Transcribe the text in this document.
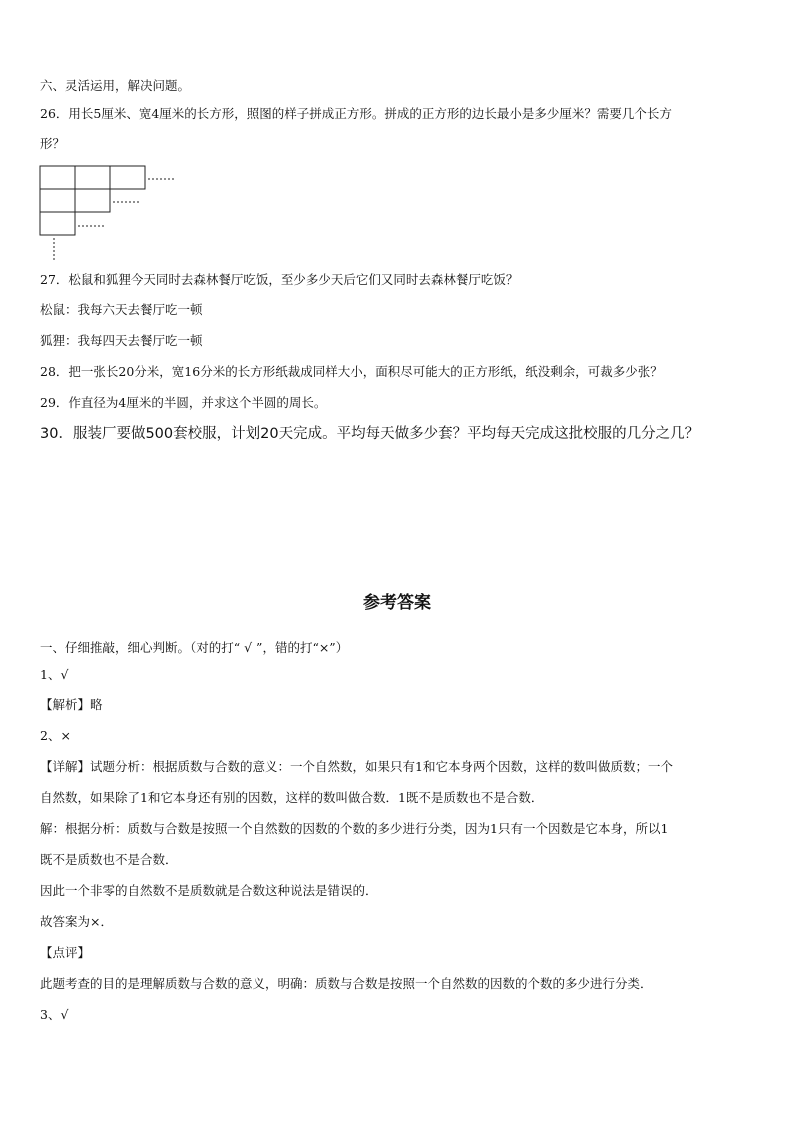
六、灵活运用，解决问题。
26．用长5厘米、宽4厘米的长方形，照图的样子拼成正方形。拼成的正方形的边长最小是多少厘米？需要几个长方
形？
27．松鼠和狐狸今天同时去森林餐厅吃饭，至少多少天后它们又同时去森林餐厅吃饭？
松鼠：我每六天去餐厅吃一顿
狐狸：我每四天去餐厅吃一顿
28．把一张长20分米，宽16分米的长方形纸裁成同样大小，面积尽可能大的正方形纸，纸没剩余，可裁多少张？
29．作直径为4厘米的半圆，并求这个半圆的周长。
30．服装厂要做500套校服，计划20天完成。平均每天做多少套？平均每天完成这批校服的几分之几？
参考答案
一、仔细推敲，细心判断。（对的打“ √ ”，错的打“×”）
1、√
【解析】略
2、×
【详解】试题分析：根据质数与合数的意义：一个自然数，如果只有1和它本身两个因数，这样的数叫做质数；一个
自然数，如果除了1和它本身还有别的因数，这样的数叫做合数．1既不是质数也不是合数．
解：根据分析：质数与合数是按照一个自然数的因数的个数的多少进行分类，因为1只有一个因数是它本身，所以1
既不是质数也不是合数．
因此一个非零的自然数不是质数就是合数这种说法是错误的．
故答案为×．
【点评】
此题考查的目的是理解质数与合数的意义，明确：质数与合数是按照一个自然数的因数的个数的多少进行分类．
3、√
